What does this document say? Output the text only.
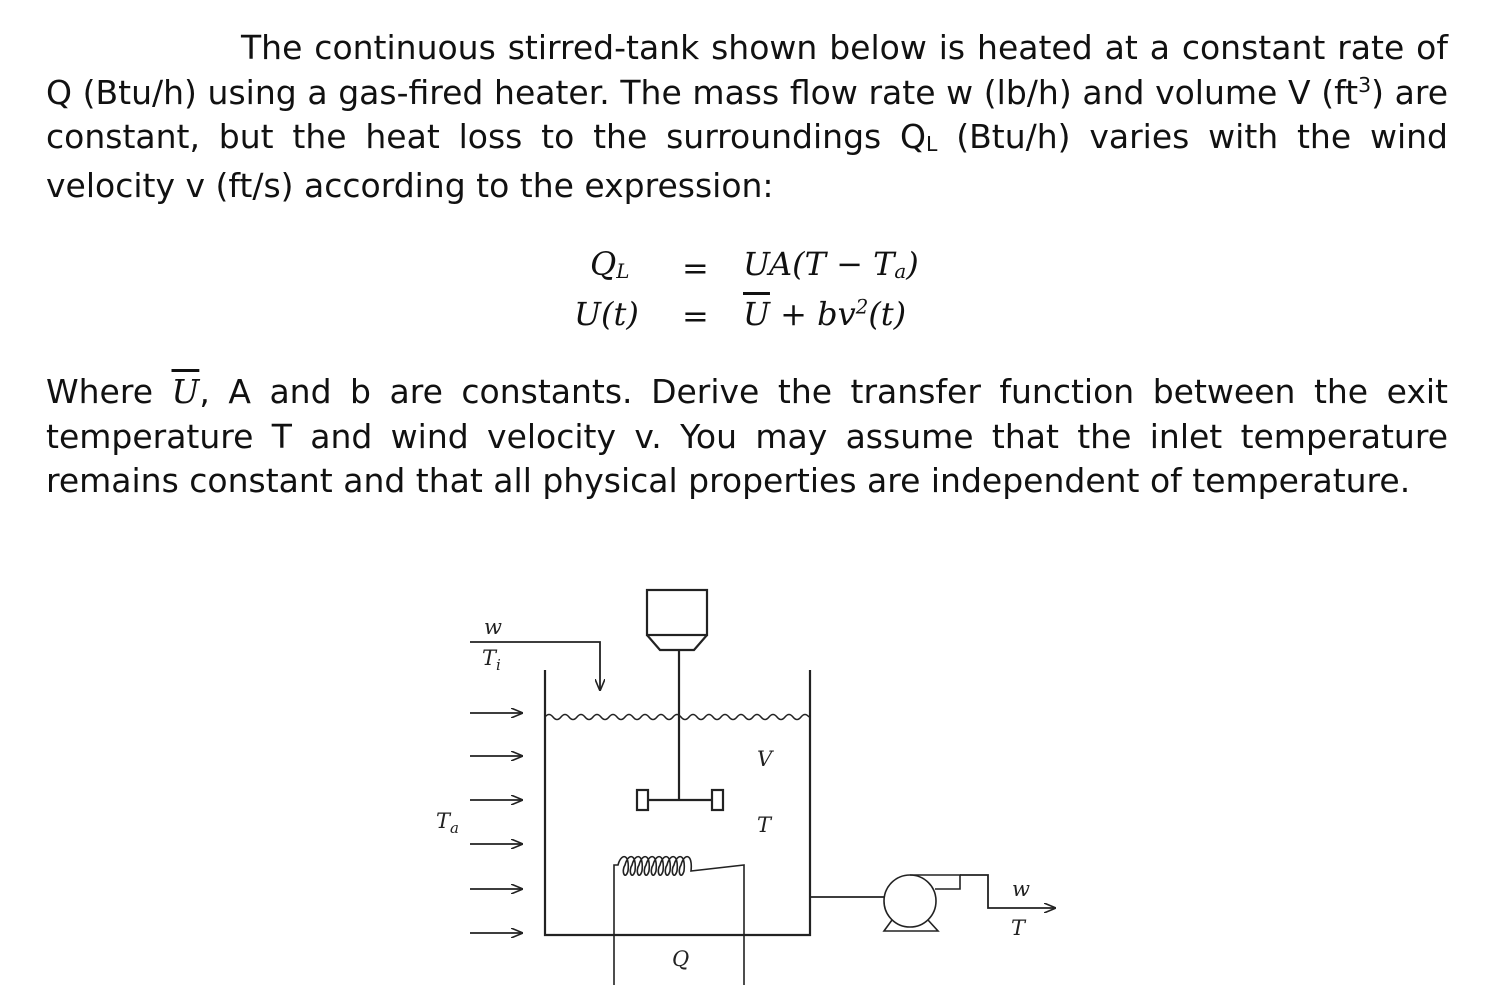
The continuous stirred-tank shown below is heated at a constant rate of Q (Btu/h) using a gas-fired heater. The mass flow rate w (lb/h) and volume V $(ft^3)$ are constant, but the heat loss to the surroundings QL (Btu/h) varies with the wind velocity v (ft/s) according to the expression:

QL = UA(T − Ta)
$U(t) = \overline{U} + bv^2(t)$

Where $\overline{U}$, A and b are constants. Derive the transfer function between the exit temperature T and wind velocity v. You may assume that the inlet temperature remains constant and that all physical properties are independent of temperature.

w
$T_i$
$T_a$
V
T
Q
w
T
